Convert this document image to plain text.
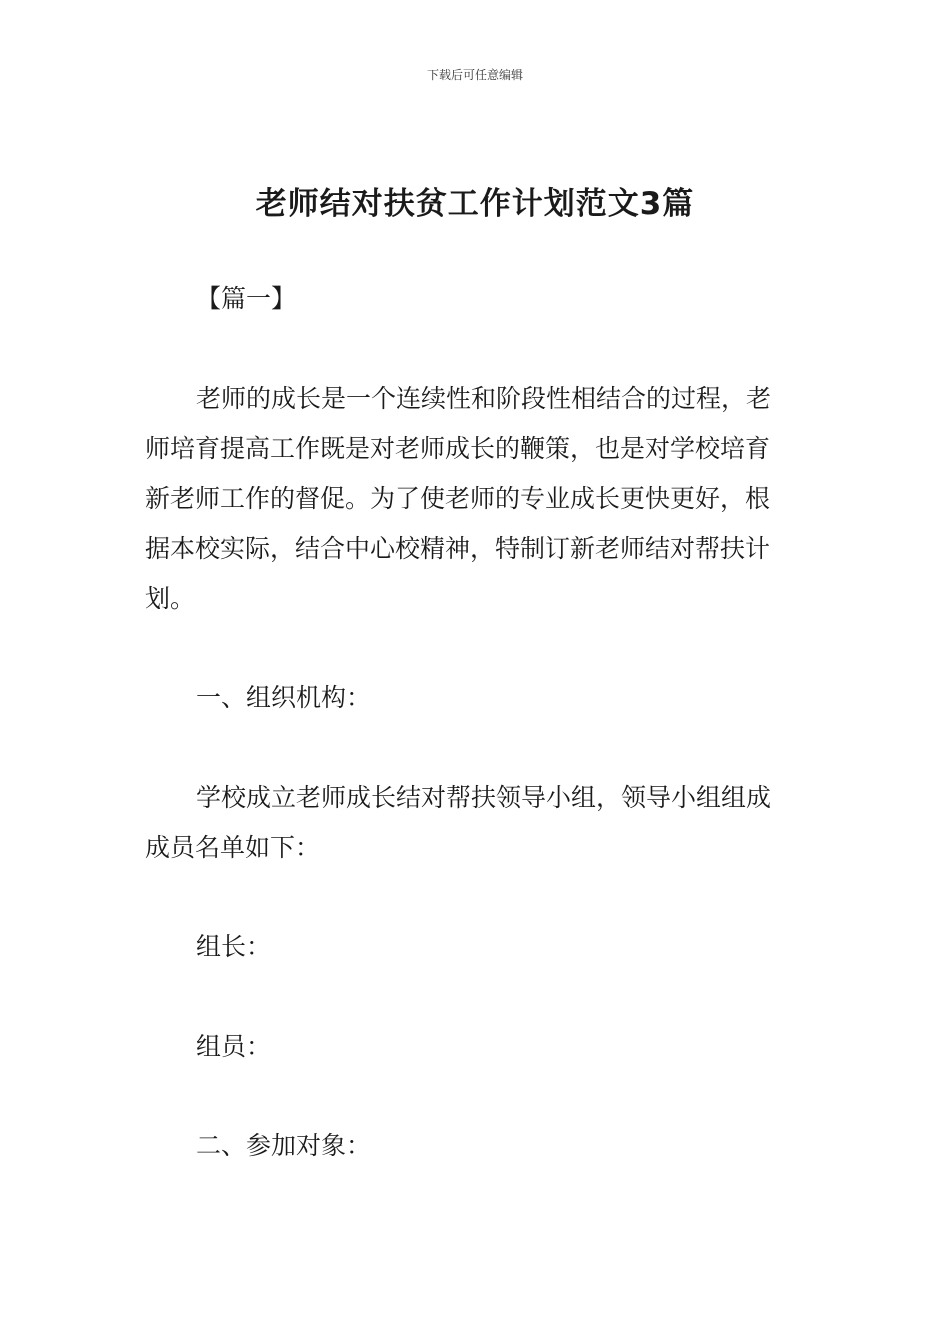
下载后可任意编辑
老师结对扶贫工作计划范文3篇
【篇一】
老师的成长是一个连续性和阶段性相结合的过程，老
师培育提高工作既是对老师成长的鞭策，也是对学校培育
新老师工作的督促。为了使老师的专业成长更快更好，根
据本校实际，结合中心校精神，特制订新老师结对帮扶计
划。
一、组织机构：
学校成立老师成长结对帮扶领导小组，领导小组组成
成员名单如下：
组长：
组员：
二、参加对象：
